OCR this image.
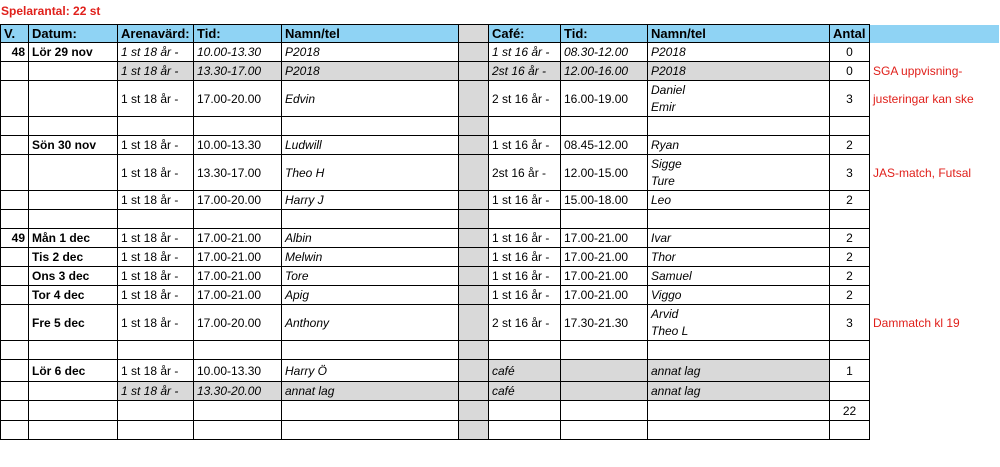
Spelarantal: 22 st
V.	Datum:	Arenavärd:	Tid:	Namn/tel		Café:	Tid:	Namn/tel	Antal	
48	Lör 29 nov	1 st 18 år -	10.00-13.30	P2018		1 st 16 år -	08.30-12.00	P2018	0	
		1 st 18 år -	13.30-17.00	P2018		2st 16 år -	12.00-16.00	P2018	0	SGA uppvisning-
		1 st 18 år -	17.00-20.00	Edvin		2 st 16 år -	16.00-19.00	Daniel
Emir	3	justeringar kan ske

	Sön 30 nov	1 st 18 år -	10.00-13.30	Ludwill		1 st 16 år -	08.45-12.00	Ryan	2	
		1 st 18 år -	13.30-17.00	Theo H		2st 16 år -	12.00-15.00	Sigge
Ture	3	JAS-match, Futsal
		1 st 18 år -	17.00-20.00	Harry J		1 st 16 år -	15.00-18.00	Leo	2	

49	Mån 1 dec	1 st 18 år -	17.00-21.00	Albin		1 st 16 år -	17.00-21.00	Ivar	2	
	Tis 2 dec	1 st 18 år -	17.00-21.00	Melwin		1 st 16 år -	17.00-21.00	Thor	2	
	Ons 3 dec	1 st 18 år -	17.00-21.00	Tore		1 st 16 år -	17.00-21.00	Samuel	2	
	Tor 4 dec	1 st 18 år -	17.00-21.00	Apig		1 st 16 år -	17.00-21.00	Viggo	2	
	Fre 5 dec	1 st 18 år -	17.00-20.00	Anthony		2 st 16 år -	17.30-21.30	Arvid
Theo L	3	Dammatch kl 19

	Lör 6 dec	1 st 18 år -	10.00-13.30	Harry Ö		café		annat lag	1	
		1 st 18 år -	13.30-20.00	annat lag		café		annat lag		
									22	
